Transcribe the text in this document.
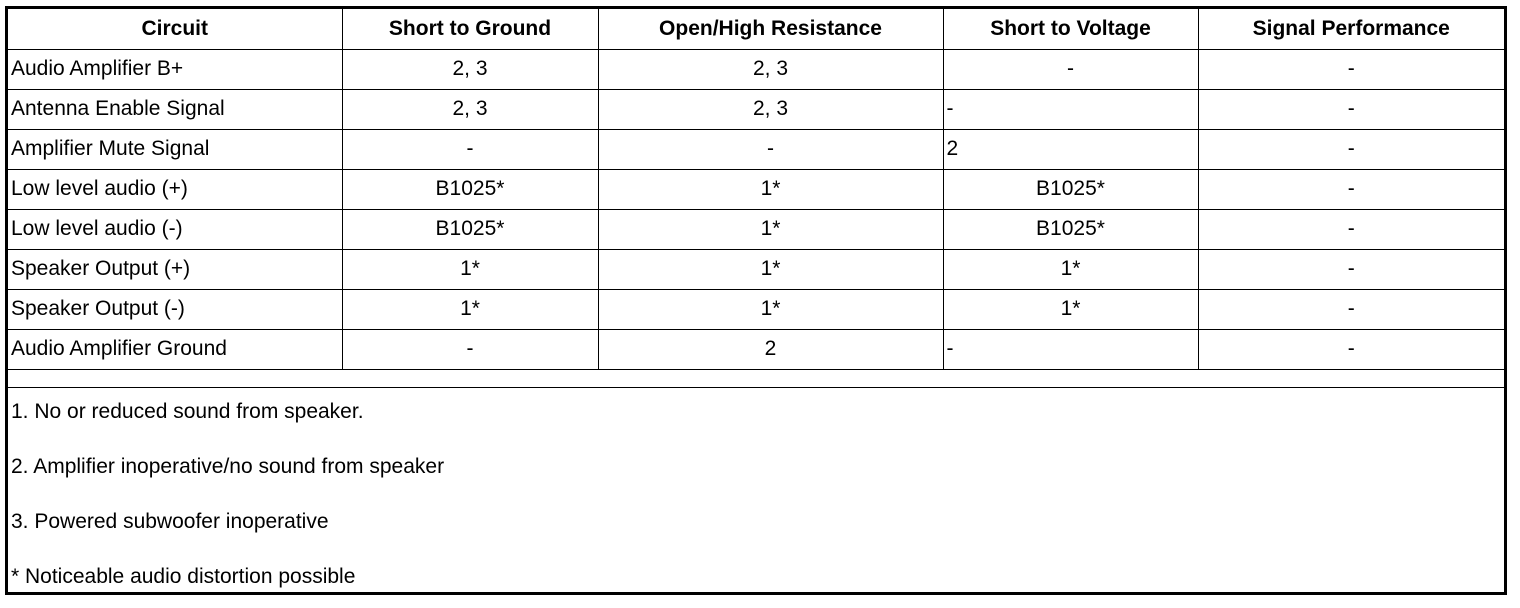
Circuit	Short to Ground	Open/High Resistance	Short to Voltage	Signal Performance
Audio Amplifier B+	2, 3	2, 3	-	-
Antenna Enable Signal	2, 3	2, 3	-	-
Amplifier Mute Signal	-	-	2	-
Low level audio (+)	B1025*	1*	B1025*	-
Low level audio (-)	B1025*	1*	B1025*	-
Speaker Output (+)	1*	1*	1*	-
Speaker Output (-)	1*	1*	1*	-
Audio Amplifier Ground	-	2	-	-
1. No or reduced sound from speaker.
2. Amplifier inoperative/no sound from speaker
3. Powered subwoofer inoperative
* Noticeable audio distortion possible
